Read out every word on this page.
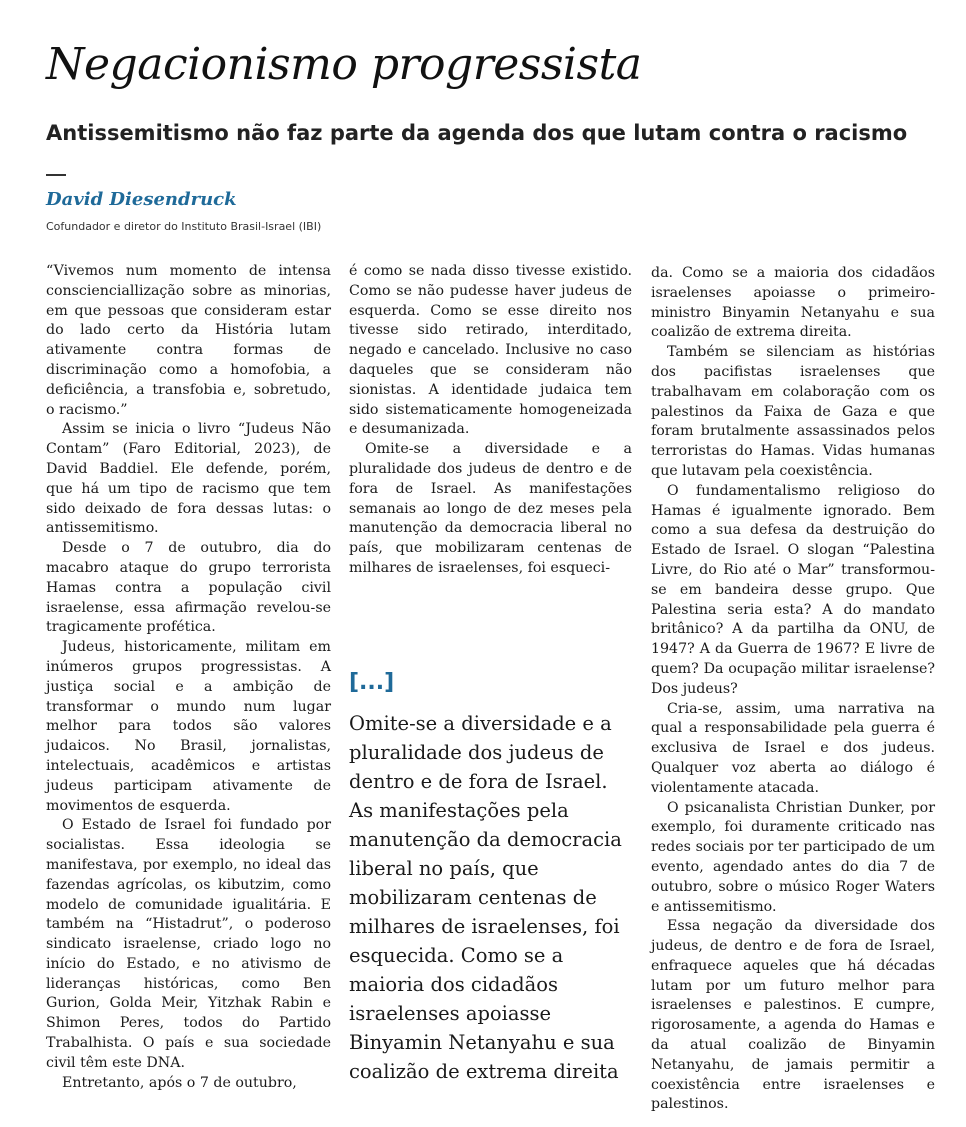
Negacionismo progressista
Antissemitismo não faz parte da agenda dos que lutam contra o racismo
David Diesendruck
Cofundador e diretor do Instituto Brasil-Israel (IBI)

“Vivemos num momento de intensa conscienciallização sobre as minorias, em que pessoas que consideram estar do lado certo da História lutam ativamente contra formas de discriminação como a homofobia, a deficiência, a transfobia e, sobretudo, o racismo.”

Assim se inicia o livro “Judeus Não Contam” (Faro Editorial, 2023), de David Baddiel. Ele defende, porém, que há um tipo de racismo que tem sido deixado de fora dessas lutas: o antissemitismo.

Desde o 7 de outubro, dia do macabro ataque do grupo terrorista Hamas contra a população civil israelense, essa afirmação revelou-se tragicamente profética.

Judeus, historicamente, militam em inúmeros grupos progressistas. A justiça social e a ambição de transformar o mundo num lugar melhor para todos são valores judaicos. No Brasil, jornalistas, intelectuais, acadêmicos e artistas judeus participam ativamente de movimentos de esquerda.

O Estado de Israel foi fundado por socialistas. Essa ideologia se manifestava, por exemplo, no ideal das fazendas agrícolas, os kibutzim, como modelo de comunidade igualitária. E também na “Histadrut”, o poderoso sindicato israelense, criado logo no início do Estado, e no ativismo de lideranças históricas, como Ben Gurion, Golda Meir, Yitzhak Rabin e Shimon Peres, todos do Partido Trabalhista. O país e sua sociedade civil têm este DNA.

Entretanto, após o 7 de outubro,

é como se nada disso tivesse existido. Como se não pudesse haver judeus de esquerda. Como se esse direito nos tivesse sido retirado, interditado, negado e cancelado. Inclusive no caso daqueles que se consideram não sionistas. A identidade judaica tem sido sistematicamente homogeneizada e desumanizada.

Omite-se a diversidade e a pluralidade dos judeus de dentro e de fora de Israel. As manifestações semanais ao longo de dez meses pela manutenção da democracia liberal no país, que mobilizaram centenas de milhares de israelenses, foi esqueci-

[...]

Omite-se a diversidade e a pluralidade dos judeus de dentro e de fora de Israel. As manifestações pela manutenção da democracia liberal no país, que mobilizaram centenas de milhares de israelenses, foi esquecida. Como se a maioria dos cidadãos israelenses apoiasse Binyamin Netanyahu e sua coalizão de extrema direita

da. Como se a maioria dos cidadãos israelenses apoiasse o primeiro-ministro Binyamin Netanyahu e sua coalizão de extrema direita.

Também se silenciam as histórias dos pacifistas israelenses que trabalhavam em colaboração com os palestinos da Faixa de Gaza e que foram brutalmente assassinados pelos terroristas do Hamas. Vidas humanas que lutavam pela coexistência.

O fundamentalismo religioso do Hamas é igualmente ignorado. Bem como a sua defesa da destruição do Estado de Israel. O slogan “Palestina Livre, do Rio até o Mar” transformou-se em bandeira desse grupo. Que Palestina seria esta? A do mandato britânico? A da partilha da ONU, de 1947? A da Guerra de 1967? E livre de quem? Da ocupação militar israelense? Dos judeus?

Cria-se, assim, uma narrativa na qual a responsabilidade pela guerra é exclusiva de Israel e dos judeus. Qualquer voz aberta ao diálogo é violentamente atacada.

O psicanalista Christian Dunker, por exemplo, foi duramente criticado nas redes sociais por ter participado de um evento, agendado antes do dia 7 de outubro, sobre o músico Roger Waters e antissemitismo.

Essa negação da diversidade dos judeus, de dentro e de fora de Israel, enfraquece aqueles que há décadas lutam por um futuro melhor para israelenses e palestinos. E cumpre, rigorosamente, a agenda do Hamas e da atual coalizão de Binyamin Netanyahu, de jamais permitir a coexistência entre israelenses e palestinos.
